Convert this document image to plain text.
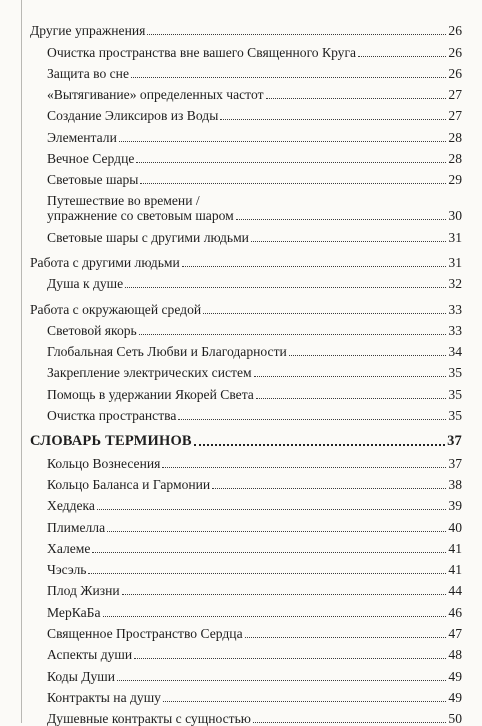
Другие упражнения	26
Очистка пространства вне вашего Священного Круга	26
Защита во сне	26
«Вытягивание» определенных частот	27
Создание Эликсиров из Воды	27
Элементали	28
Вечное Сердце	28
Световые шары	29
Путешествие во времени /
упражнение со световым шаром	30
Световые шары с другими людьми	31
Работа с другими людьми	31
Душа к душе	32
Работа с окружающей средой	33
Световой якорь	33
Глобальная Сеть Любви и Благодарности	34
Закрепление электрических систем	35
Помощь в удержании Якорей Света	35
Очистка пространства	35
СЛОВАРЬ ТЕРМИНОВ	37
Кольцо Вознесения	37
Кольцо Баланса и Гармонии	38
Хеддека	39
Плимелла	40
Халеме	41
Чэсэль	41
Плод Жизни	44
МерКаБа	46
Священное Пространство Сердца	47
Аспекты души	48
Коды Души	49
Контракты на душу	49
Душевные контракты с сущностью	50
